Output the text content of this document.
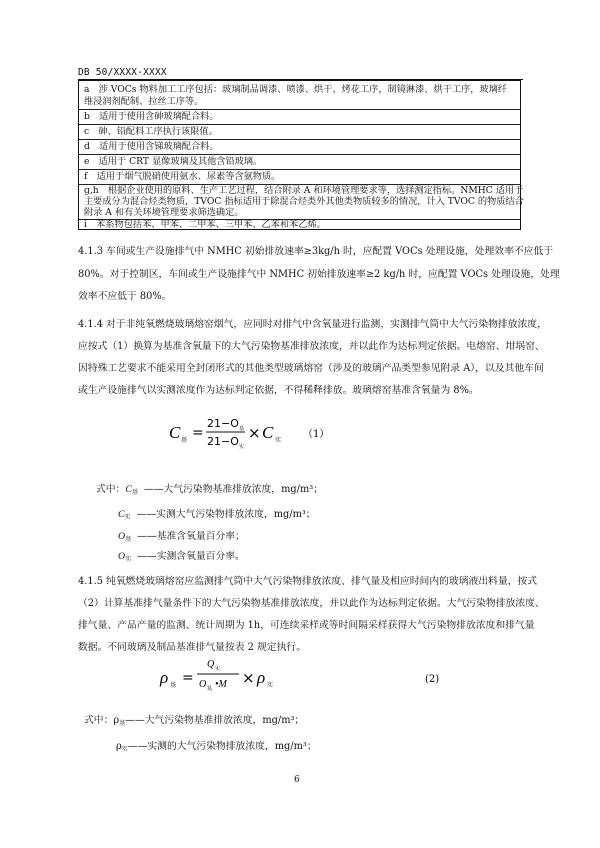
DB 50/XXXX-XXXX
a　涉 VOCs 物料加工工序包括：玻璃制品调漆、喷漆、烘干、烤花工序，制镜淋漆、烘干工序，玻璃纤
维浸润剂配制、拉丝工序等。
b　适用于使用含砷玻璃配合料。
c　砷、铅配料工序执行该限值。
d　适用于使用含锑玻璃配合料。
e　适用于 CRT 显像玻璃及其他含铅玻璃。
f　适用于烟气脱硝使用氨水、尿素等含氨物质。
g,h　根据企业使用的原料、生产工艺过程，结合附录 A 和环境管理要求等，选择测定指标。NMHC 适用于
主要成分为混合烃类物质，TVOC 指标适用于除混合烃类外其他类物质较多的情况，计入 TVOC 的物质结合
附录 A 和有关环境管理要求筛选确定。
i　苯系物包括苯、甲苯、二甲苯、三甲苯、乙苯和苯乙烯。
4.1.3 车间或生产设施排气中 NMHC 初始排放速率≥3kg/h 时，应配置 VOCs 处理设施，处理效率不应低于
80%。对于控制区，车间或生产设施排气中 NMHC 初始排放速率≥2 kg/h 时，应配置 VOCs 处理设施，处理
效率不应低于 80%。
4.1.4 对于非纯氧燃烧玻璃熔窑烟气，应同时对排气中含氧量进行监测，实测排气筒中大气污染物排放浓度，
应按式（1）换算为基准含氧量下的大气污染物基准排放浓度，并以此作为达标判定依据。电熔窑、坩埚窑、
因特殊工艺要求不能采用全封闭形式的其他类型玻璃熔窑（涉及的玻璃产品类型参见附录 A），以及其他车间
或生产设施排气以实测浓度作为达标判定依据，不得稀释排放。玻璃熔窑基准含氧量为 8%。
C 基 =
21−O 基
21−O 实
× C 实
（1）
式中：$C_基$ ——大气污染物基准排放浓度，mg/m³；
$C_实$ ——实测大气污染物排放浓度，mg/m³；
$O_基$ ——基准含氧量百分率；
$O_实$ ——实测含氧量百分率。
4.1.5 纯氧燃烧玻璃熔窑应监测排气筒中大气污染物排放浓度、排气量及相应时间内的玻璃液出料量，按式
（2）计算基准排气量条件下的大气污染物基准排放浓度，并以此作为达标判定依据。大气污染物排放浓度、
排气量、产品产量的监测、统计周期为 1h，可连续采样或等时间隔采样获得大气污染物排放浓度和排气量
数据。不同玻璃及制品基准排气量按表 2 规定执行。
ρ 基 =
Q 实
O 基 •M × ρ 实
(2)
式中：$\rho_基——$大气污染物基准排放浓度，mg/m³；
$\rho_实——$实测的大气污染物排放浓度，mg/m³；
6
